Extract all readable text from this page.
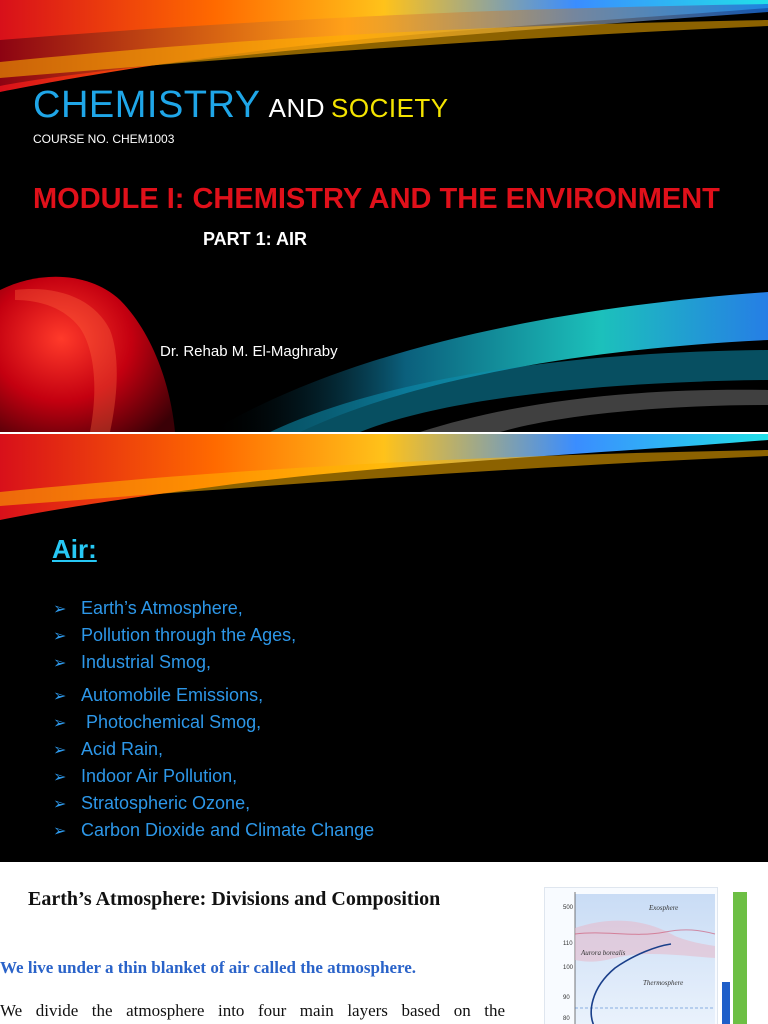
CHEMISTRY AND SOCIETY
COURSE NO. CHEM1003
MODULE I: CHEMISTRY AND THE ENVIRONMENT
PART 1: AIR
Dr. Rehab M. El-Maghraby
Air:
➢ Earth’s Atmosphere,
➢ Pollution through the Ages,
➢ Industrial Smog,
➢ Automobile Emissions,
➢ Photochemical Smog,
➢ Acid Rain,
➢ Indoor Air Pollution,
➢ Stratospheric Ozone,
➢ Carbon Dioxide and Climate Change
Earth’s Atmosphere: Divisions and Composition
We live under a thin blanket of air called the atmosphere.
We divide the atmosphere into four main layers based on the
500
110
100
90
80
Exosphere
Aurora borealis
Thermosphere
